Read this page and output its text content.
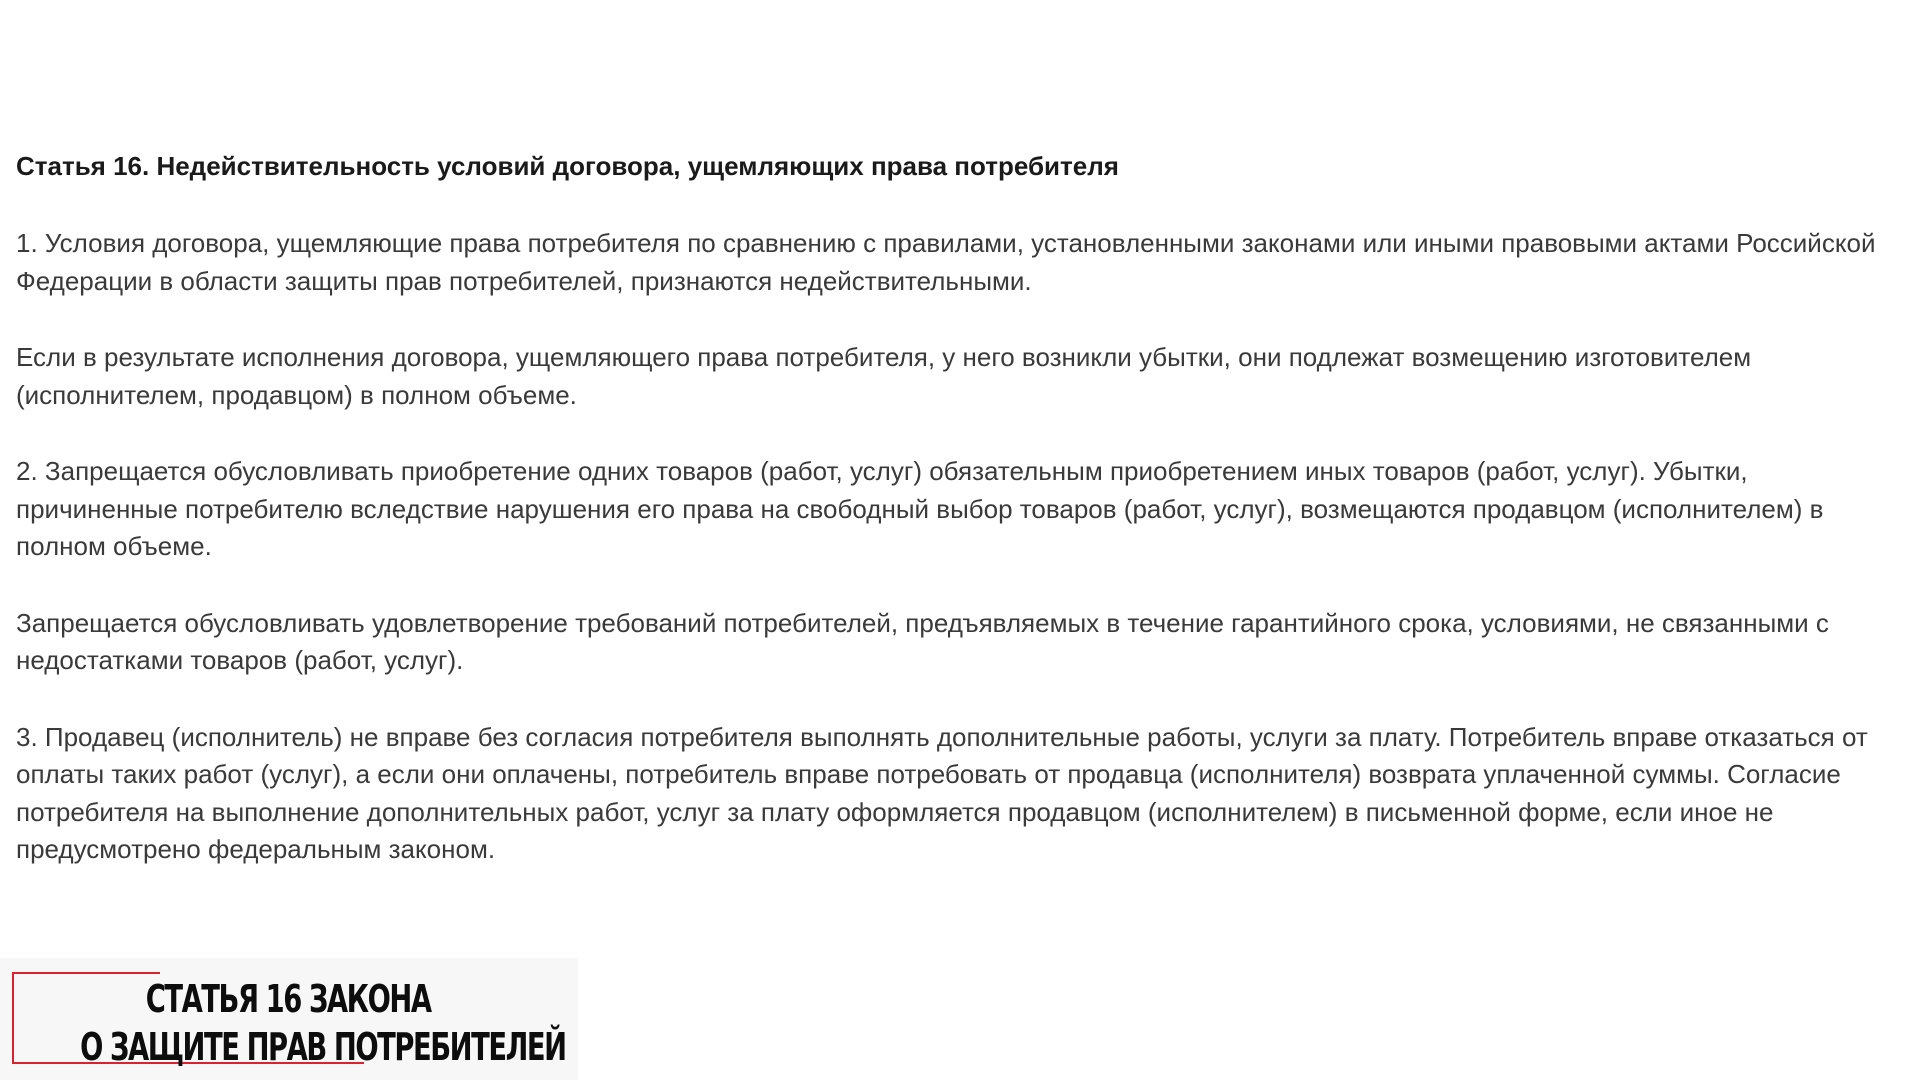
Статья 16. Недействительность условий договора, ущемляющих права потребителя

1. Условия договора, ущемляющие права потребителя по сравнению с правилами, установленными законами или иными правовыми актами Российской Федерации в области защиты прав потребителей, признаются недействительными.

Если в результате исполнения договора, ущемляющего права потребителя, у него возникли убытки, они подлежат возмещению изготовителем (исполнителем, продавцом) в полном объеме.

2. Запрещается обусловливать приобретение одних товаров (работ, услуг) обязательным приобретением иных товаров (работ, услуг). Убытки, причиненные потребителю вследствие нарушения его права на свободный выбор товаров (работ, услуг), возмещаются продавцом (исполнителем) в полном объеме.

Запрещается обусловливать удовлетворение требований потребителей, предъявляемых в течение гарантийного срока, условиями, не связанными с недостатками товаров (работ, услуг).

3. Продавец (исполнитель) не вправе без согласия потребителя выполнять дополнительные работы, услуги за плату. Потребитель вправе отказаться от оплаты таких работ (услуг), а если они оплачены, потребитель вправе потребовать от продавца (исполнителя) возврата уплаченной суммы. Согласие потребителя на выполнение дополнительных работ, услуг за плату оформляется продавцом (исполнителем) в письменной форме, если иное не предусмотрено федеральным законом.

СТАТЬЯ 16 ЗАКОНА
О ЗАЩИТЕ ПРАВ ПОТРЕБИТЕЛЕЙ
